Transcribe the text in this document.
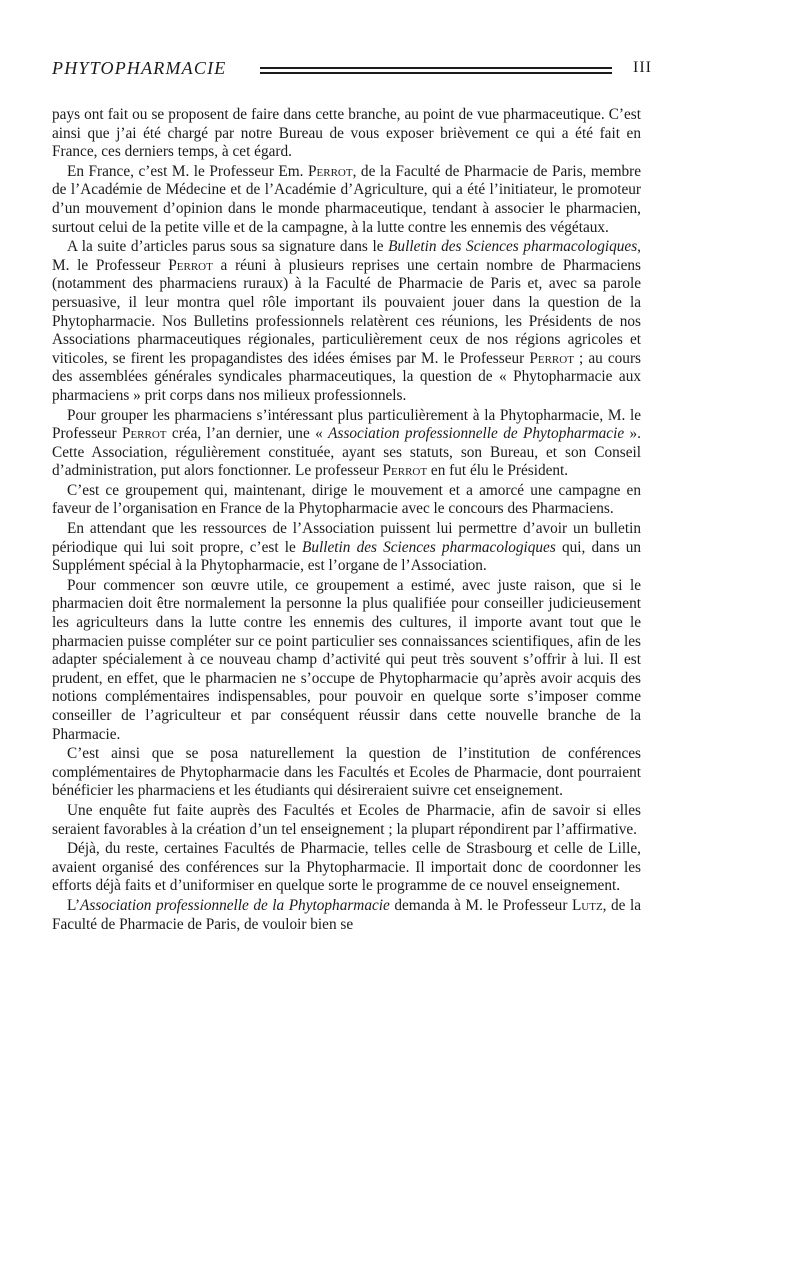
PHYTOPHARMACIE	III

pays ont fait ou se proposent de faire dans cette branche, au point de vue pharmaceutique. C’est ainsi que j’ai été chargé par notre Bureau de vous exposer brièvement ce qui a été fait en France, ces derniers temps, à cet égard.

En France, c’est M. le Professeur Em. Perrot, de la Faculté de Pharmacie de Paris, membre de l’Académie de Médecine et de l’Académie d’Agriculture, qui a été l’initiateur, le promoteur d’un mouvement d’opinion dans le monde pharmaceutique, tendant à associer le pharmacien, surtout celui de la petite ville et de la campagne, à la lutte contre les ennemis des végétaux.

A la suite d’articles parus sous sa signature dans le Bulletin des Sciences pharmacologiques, M. le Professeur Perrot a réuni à plusieurs reprises une certain nombre de Pharmaciens (notamment des pharmaciens ruraux) à la Faculté de Pharmacie de Paris et, avec sa parole persuasive, il leur montra quel rôle important ils pouvaient jouer dans la question de la Phytopharmacie. Nos Bulletins professionnels relatèrent ces réunions, les Présidents de nos Associations pharmaceutiques régionales, particulièrement ceux de nos régions agricoles et viticoles, se firent les propagandistes des idées émises par M. le Professeur Perrot ; au cours des assemblées générales syndicales pharmaceutiques, la question de « Phytopharmacie aux pharmaciens » prit corps dans nos milieux professionnels.

Pour grouper les pharmaciens s’intéressant plus particulièrement à la Phytopharmacie, M. le Professeur Perrot créa, l’an dernier, une « Association professionnelle de Phytopharmacie ». Cette Association, régulièrement constituée, ayant ses statuts, son Bureau, et son Conseil d’administration, put alors fonctionner. Le professeur Perrot en fut élu le Président.

C’est ce groupement qui, maintenant, dirige le mouvement et a amorcé une campagne en faveur de l’organisation en France de la Phytopharmacie avec le concours des Pharmaciens.

En attendant que les ressources de l’Association puissent lui permettre d’avoir un bulletin périodique qui lui soit propre, c’est le Bulletin des Sciences pharmacologiques qui, dans un Supplément spécial à la Phytopharmacie, est l’organe de l’Association.

Pour commencer son œuvre utile, ce groupement a estimé, avec juste raison, que si le pharmacien doit être normalement la personne la plus qualifiée pour conseiller judicieusement les agriculteurs dans la lutte contre les ennemis des cultures, il importe avant tout que le pharmacien puisse compléter sur ce point particulier ses connaissances scientifiques, afin de les adapter spécialement à ce nouveau champ d’activité qui peut très souvent s’offrir à lui. Il est prudent, en effet, que le pharmacien ne s’occupe de Phytopharmacie qu’après avoir acquis des notions complémentaires indispensables, pour pouvoir en quelque sorte s’imposer comme conseiller de l’agriculteur et par conséquent réussir dans cette nouvelle branche de la Pharmacie.

C’est ainsi que se posa naturellement la question de l’institution de conférences complémentaires de Phytopharmacie dans les Facultés et Ecoles de Pharmacie, dont pourraient bénéficier les pharmaciens et les étudiants qui désireraient suivre cet enseignement.

Une enquête fut faite auprès des Facultés et Ecoles de Pharmacie, afin de savoir si elles seraient favorables à la création d’un tel enseignement ; la plupart répondirent par l’affirmative.

Déjà, du reste, certaines Facultés de Pharmacie, telles celle de Strasbourg et celle de Lille, avaient organisé des conférences sur la Phytopharmacie. Il importait donc de coordonner les efforts déjà faits et d’uniformiser en quelque sorte le programme de ce nouvel enseignement.

L’Association professionnelle de la Phytopharmacie demanda à M. le Professeur Lutz, de la Faculté de Pharmacie de Paris, de vouloir bien se
